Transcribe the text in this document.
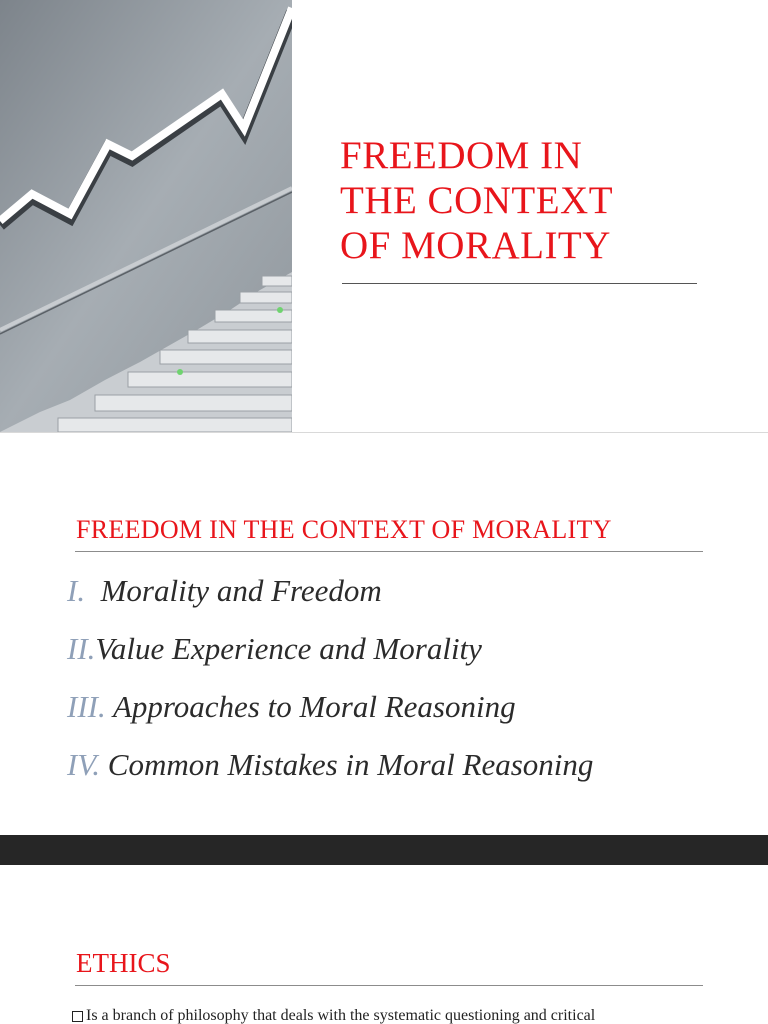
FREEDOM IN
THE CONTEXT
OF MORALITY
FREEDOM IN THE CONTEXT OF MORALITY
I. Morality and Freedom
II.Value Experience and Morality
III. Approaches to Moral Reasoning
IV. Common Mistakes in Moral Reasoning
ETHICS
Is a branch of philosophy that deals with the systematic questioning and critical
